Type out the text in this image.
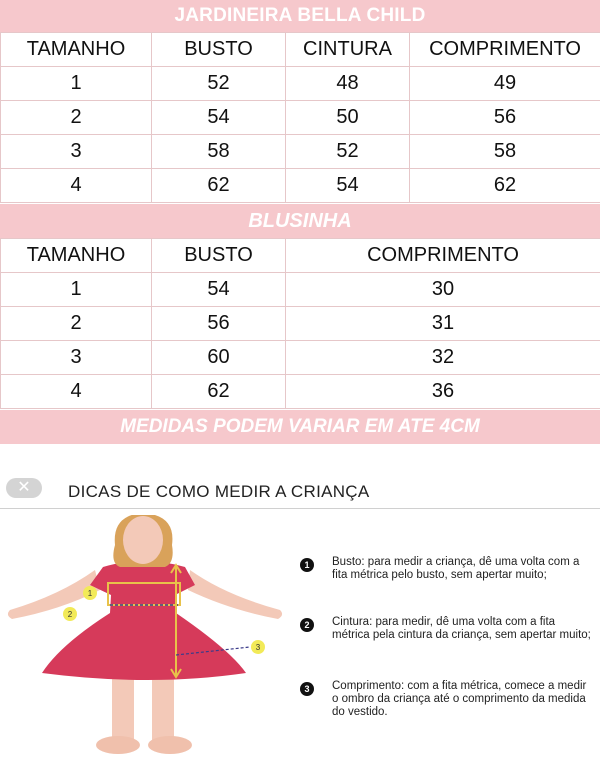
JARDINEIRA BELLA CHILD
TAMANHO	BUSTO	CINTURA	COMPRIMENTO
1	52	48	49
2	54	50	56
3	58	52	58
4	62	54	62
BLUSINHA
TAMANHO	BUSTO	COMPRIMENTO
1	54	30
2	56	31
3	60	32
4	62	36
MEDIDAS PODEM VARIAR EM ATE 4CM
✕	DICAS DE COMO MEDIR A CRIANÇA
1
2
3
1	Busto: para medir a criança, dê uma volta com a fita métrica pelo busto, sem apertar muito;
2	Cintura: para medir, dê uma volta com a fita métrica pela cintura da criança, sem apertar muito;
3	Comprimento: com a fita métrica, comece a medir o ombro da criança até o comprimento da medida do vestido.
